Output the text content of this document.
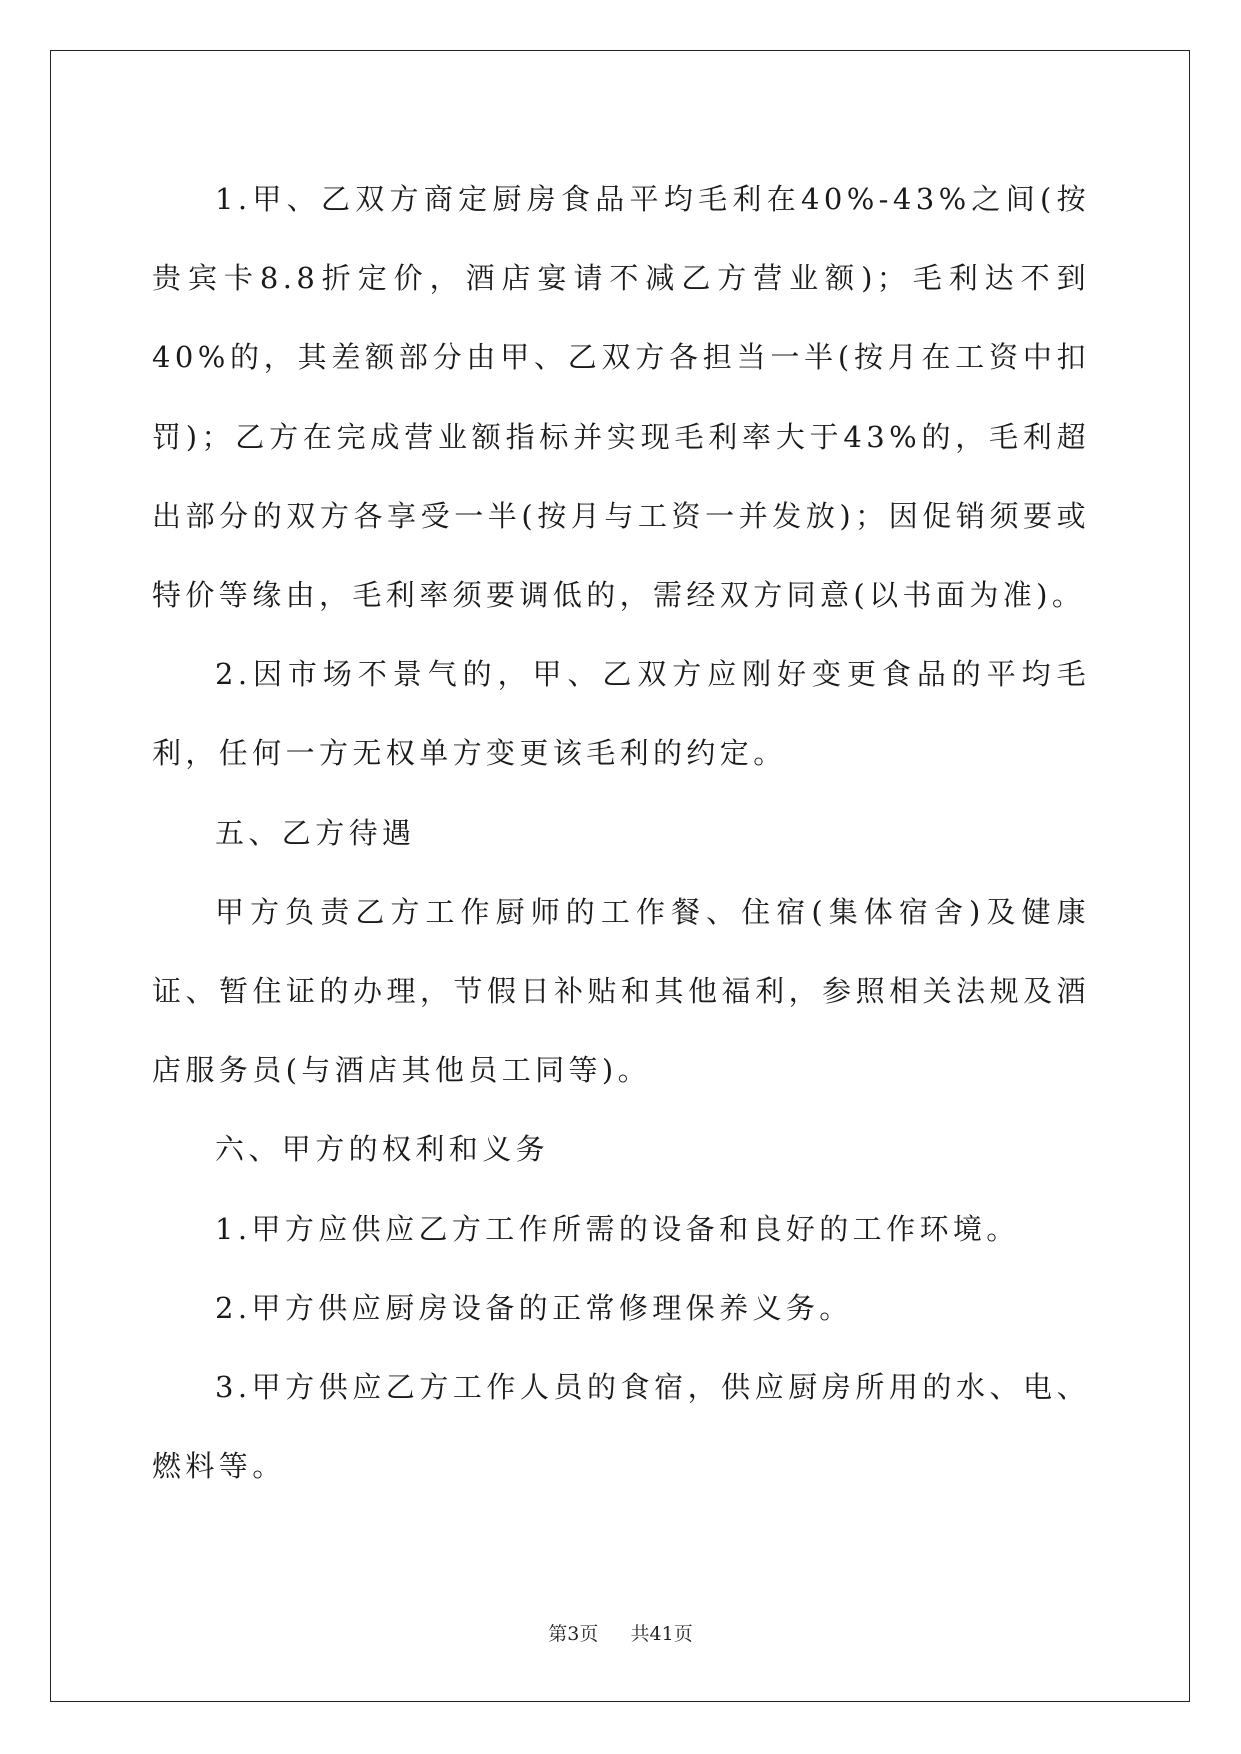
1.甲、乙双方商定厨房食品平均毛利在40%-43%之间(按贵宾卡8.8折定价，酒店宴请不减乙方营业额)；毛利达不到40%的，其差额部分由甲、乙双方各担当一半(按月在工资中扣罚)；乙方在完成营业额指标并实现毛利率大于43%的，毛利超出部分的双方各享受一半(按月与工资一并发放)；因促销须要或特价等缘由，毛利率须要调低的，需经双方同意(以书面为准)。

2.因市场不景气的，甲、乙双方应刚好变更食品的平均毛利，任何一方无权单方变更该毛利的约定。

五、乙方待遇

甲方负责乙方工作厨师的工作餐、住宿(集体宿舍)及健康证、暂住证的办理，节假日补贴和其他福利，参照相关法规及酒店服务员(与酒店其他员工同等)。

六、甲方的权利和义务

1.甲方应供应乙方工作所需的设备和良好的工作环境。

2.甲方供应厨房设备的正常修理保养义务。

3.甲方供应乙方工作人员的食宿，供应厨房所用的水、电、燃料等。

第3页 共41页
